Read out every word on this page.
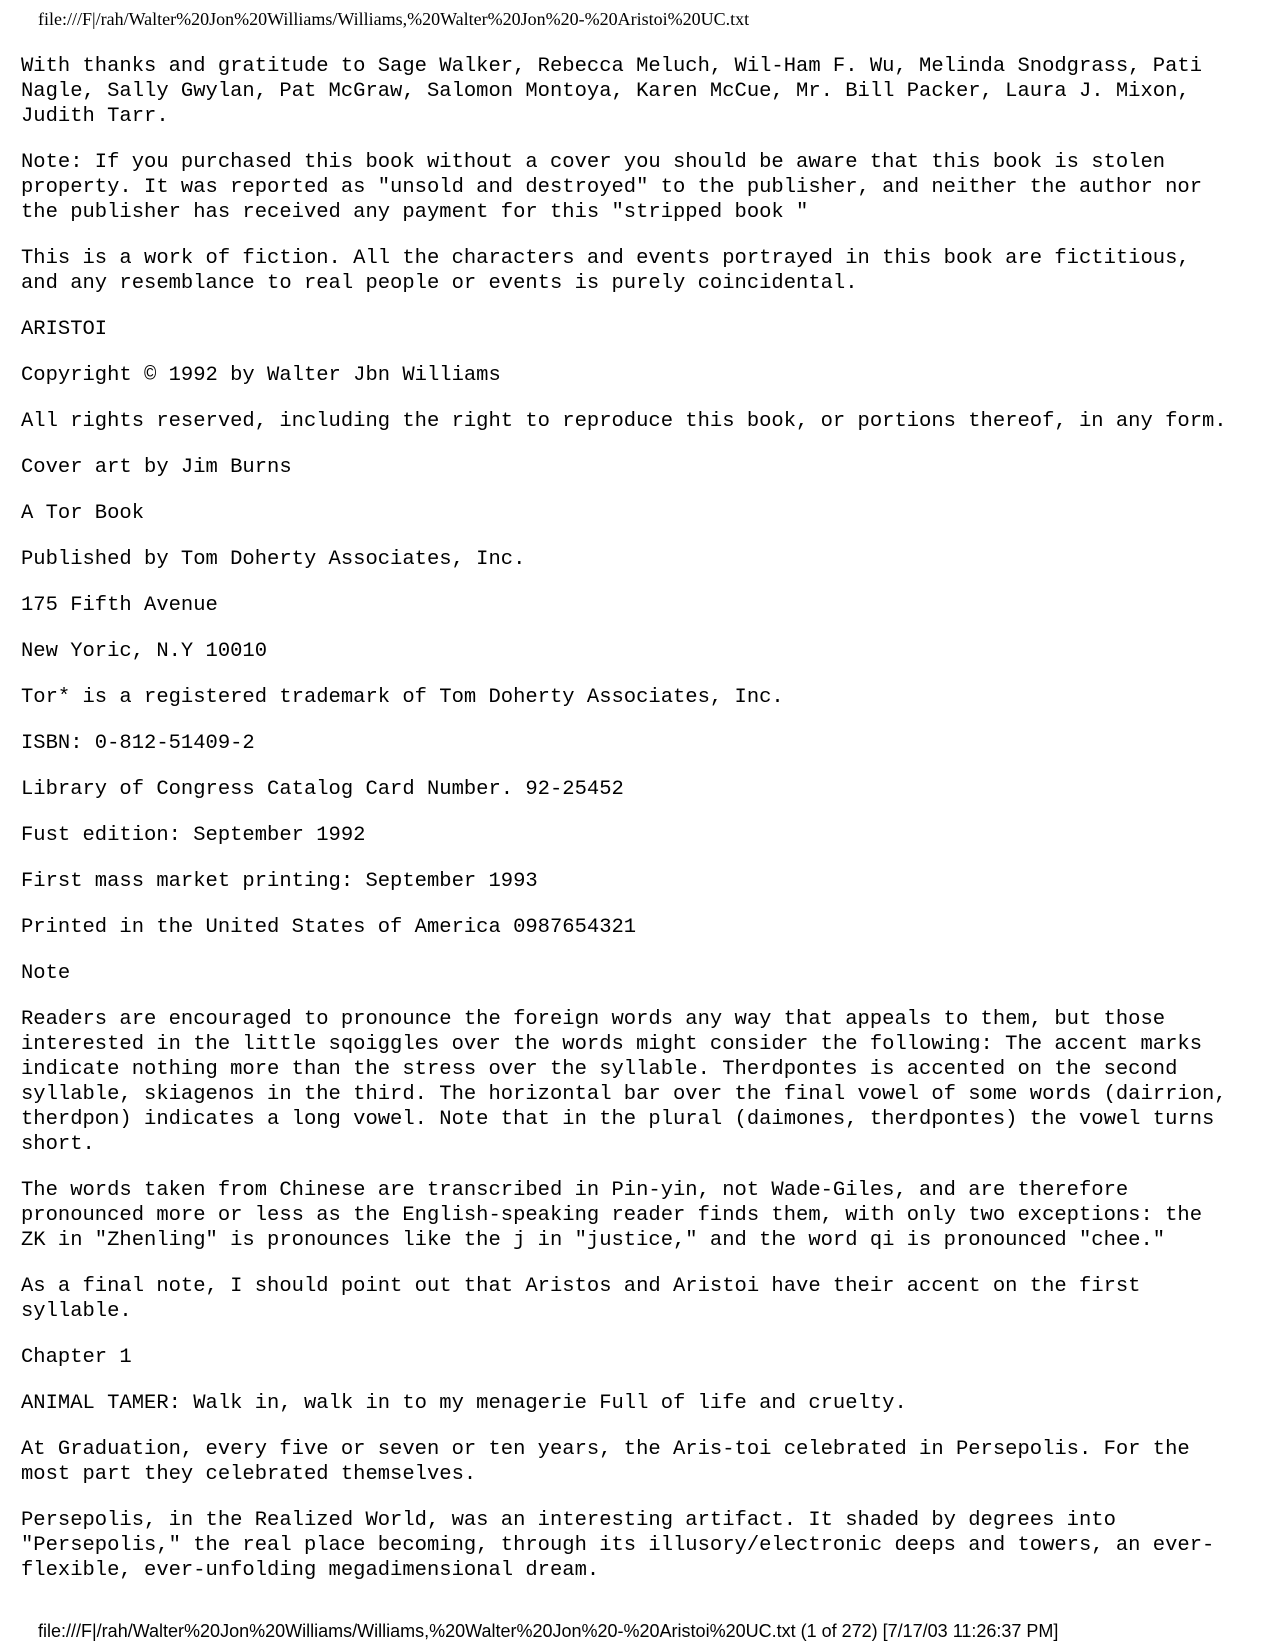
file:///F|/rah/Walter%20Jon%20Williams/Williams,%20Walter%20Jon%20-%20Aristoi%20UC.txt

With thanks and gratitude to Sage Walker, Rebecca Meluch, Wil-Ham F. Wu, Melinda Snodgrass, Pati
Nagle, Sally Gwylan, Pat McGraw, Salomon Montoya, Karen McCue, Mr. Bill Packer, Laura J. Mixon,
Judith Tarr.

Note: If you purchased this book without a cover you should be aware that this book is stolen
property. It was reported as "unsold and destroyed" to the publisher, and neither the author nor
the publisher has received any payment for this "stripped book "

This is a work of fiction. All the characters and events portrayed in this book are fictitious,
and any resemblance to real people or events is purely coincidental.

ARISTOI

Copyright © 1992 by Walter Jbn Williams

All rights reserved, including the right to reproduce this book, or portions thereof, in any form.

Cover art by Jim Burns

A Tor Book

Published by Tom Doherty Associates, Inc.

175 Fifth Avenue

New Yoric, N.Y 10010

Tor* is a registered trademark of Tom Doherty Associates, Inc.

ISBN: 0-812-51409-2

Library of Congress Catalog Card Number. 92-25452

Fust edition: September 1992

First mass market printing: September 1993

Printed in the United States of America 0987654321

Note

Readers are encouraged to pronounce the foreign words any way that appeals to them, but those
interested in the little sqoiggles over the words might consider the following: The accent marks
indicate nothing more than the stress over the syllable. Therdpontes is accented on the second
syllable, skiagenos in the third. The horizontal bar over the final vowel of some words (dairrion,
therdpon) indicates a long vowel. Note that in the plural (daimones, therdpontes) the vowel turns
short.

The words taken from Chinese are transcribed in Pin-yin, not Wade-Giles, and are therefore
pronounced more or less as the English-speaking reader finds them, with only two exceptions: the
ZK in "Zhenling" is pronounces like the j in "justice," and the word qi is pronounced "chee."

As a final note, I should point out that Aristos and Aristoi have their accent on the first
syllable.

Chapter 1

ANIMAL TAMER: Walk in, walk in to my menagerie Full of life and cruelty.

At Graduation, every five or seven or ten years, the Aris-toi celebrated in Persepolis. For the
most part they celebrated themselves.

Persepolis, in the Realized World, was an interesting artifact. It shaded by degrees into
"Persepolis," the real place becoming, through its illusory/electronic deeps and towers, an ever-
flexible, ever-unfolding megadimensional dream.

file:///F|/rah/Walter%20Jon%20Williams/Williams,%20Walter%20Jon%20-%20Aristoi%20UC.txt (1 of 272) [7/17/03 11:26:37 PM]
